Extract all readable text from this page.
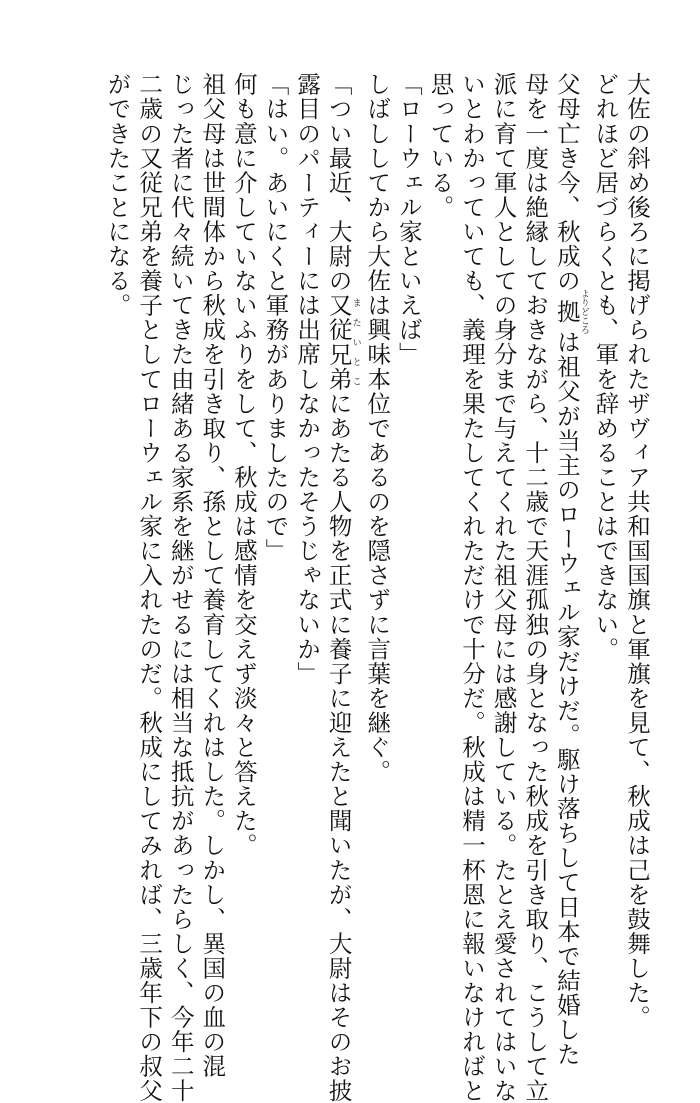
大佐の斜め後ろに掲げられたザヴィア共和国国旗と軍旗を見て、秋成は己を鼓舞した。
どれほど居づらくとも、軍を辞めることはできない。
父母亡き今、秋成の拠よりどころは祖父が当主のローウェル家だけだ。駆け落ちして日本で結婚した
母を一度は絶縁しておきながら、十二歳で天涯孤独の身となった秋成を引き取り、こうして立
派に育て軍人としての身分まで与えてくれた祖父母には感謝している。たとえ愛されてはいな
いとわかっていても、義理を果たしてくれただけで十分だ。秋成は精一杯恩に報いなければと
思っている。
「ローウェル家といえば」
しばししてから大佐は興味本位であるのを隠さずに言葉を継ぐ。
「つい最近、大尉の又従兄弟またいとこにあたる人物を正式に養子に迎えたと聞いたが、大尉はそのお披
露目のパーティーには出席しなかったそうじゃないか」
「はい。あいにくと軍務がありましたので」
何も意に介していないふりをして、秋成は感情を交えず淡々と答えた。
祖父母は世間体から秋成を引き取り、孫として養育してくれはした。しかし、異国の血の混
じった者に代々続いてきた由緒ある家系を継がせるには相当な抵抗があったらしく、今年二十
二歳の又従兄弟を養子としてローウェル家に入れたのだ。秋成にしてみれば、三歳年下の叔父
ができたことになる。
